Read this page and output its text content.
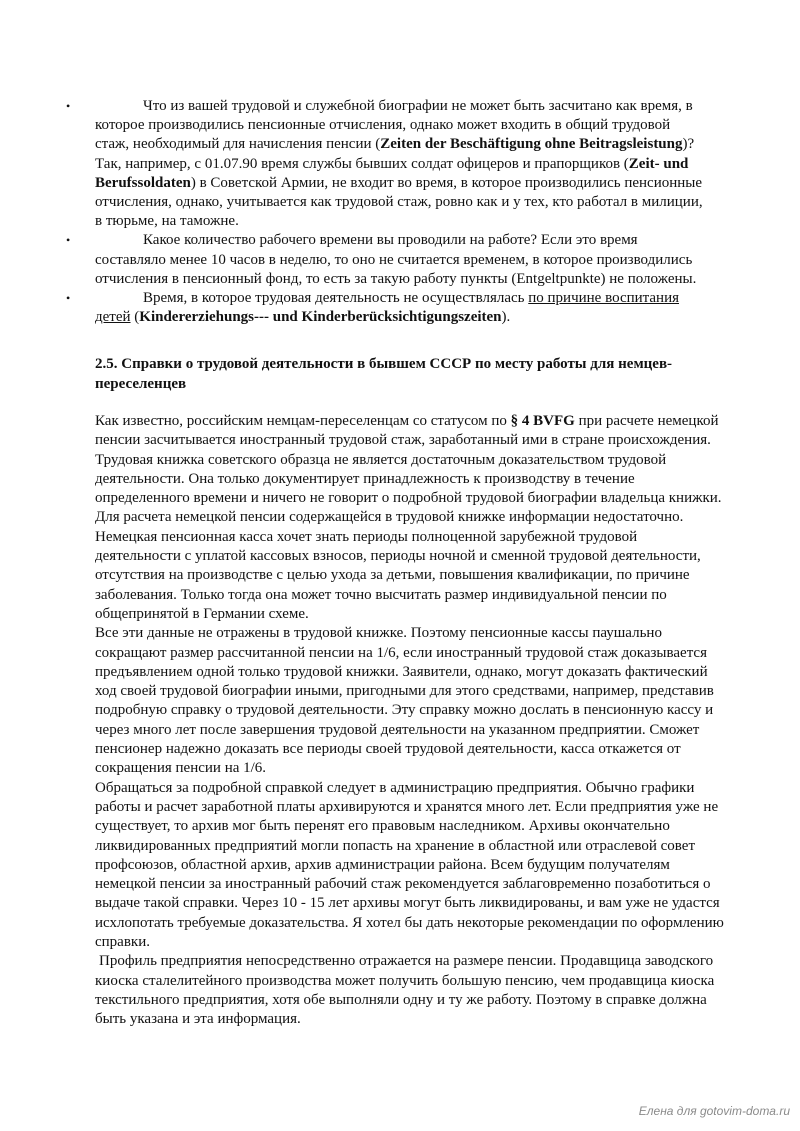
•	Что из вашей трудовой и служебной биографии не может быть засчитано как время, в которое производились пенсионные отчисления, однако может входить в общий трудовой стаж, необходимый для начисления пенсии (Zeiten der Beschäftigung ohne Beitragsleistung)? Так, например, с 01.07.90 время службы бывших солдат офицеров и прапорщиков (Zeit- und Berufssoldaten) в Советской Армии, не входит во время, в которое производились пенсионные отчисления, однако, учитывается как трудовой стаж, ровно как и у тех, кто работал в милиции, в тюрьме, на таможне.
•	Какое количество рабочего времени вы проводили на работе? Если это время составляло менее 10 часов в неделю, то оно не считается временем, в которое производились отчисления в пенсионный фонд, то есть за такую работу пункты (Entgeltpunkte) не положены.
•	Время, в которое трудовая деятельность не осуществлялась по причине воспитания детей (Kindererziehungs--- und Kinderberücksichtigungszeiten).
2.5. Справки о трудовой деятельности в бывшем СССР по месту работы для немцев-переселенцев

Как известно, российским немцам-переселенцам со статусом по § 4 BVFG при расчете немецкой пенсии засчитывается иностранный трудовой стаж, заработанный ими в стране происхождения. Трудовая книжка советского образца не является достаточным доказательством трудовой деятельности. Она только документирует принадлежность к производству в течение определенного времени и ничего не говорит о подробной трудовой биографии владельца книжки. Для расчета немецкой пенсии содержащейся в трудовой книжке информации недостаточно. Немецкая пенсионная касса хочет знать периоды полноценной зарубежной трудовой деятельности с уплатой кассовых взносов, периоды ночной и сменной трудовой деятельности, отсутствия на производстве с целью ухода за детьми, повышения квалификации, по причине заболевания. Только тогда она может точно высчитать размер индивидуальной пенсии по общепринятой в Германии схеме.

Все эти данные не отражены в трудовой книжке. Поэтому пенсионные кассы паушально сокращают размер рассчитанной пенсии на 1/6, если иностранный трудовой стаж доказывается предъявлением одной только трудовой книжки. Заявители, однако, могут доказать фактический ход своей трудовой биографии иными, пригодными для этого средствами, например, представив подробную справку о трудовой деятельности. Эту справку можно дослать в пенсионную кассу и через много лет после завершения трудовой деятельности на указанном предприятии. Сможет пенсионер надежно доказать все периоды своей трудовой деятельности, касса откажется от сокращения пенсии на 1/6.

Обращаться за подробной справкой следует в администрацию предприятия. Обычно графики работы и расчет заработной платы архивируются и хранятся много лет. Если предприятия уже не существует, то архив мог быть перенят его правовым наследником. Архивы окончательно ликвидированных предприятий могли попасть на хранение в областной или отраслевой совет профсоюзов, областной архив, архив администрации района. Всем будущим получателям немецкой пенсии за иностранный рабочий стаж рекомендуется заблаговременно позаботиться о выдаче такой справки. Через 10 - 15 лет архивы могут быть ликвидированы, и вам уже не удастся исхлопотать требуемые доказательства. Я хотел бы дать некоторые рекомендации по оформлению справки.

Профиль предприятия непосредственно отражается на размере пенсии. Продавщица заводского киоска сталелитейного производства может получить большую пенсию, чем продавщица киоска текстильного предприятия, хотя обе выполняли одну и ту же работу. Поэтому в справке должна быть указана и эта информация.

Елена для gotovim-doma.ru
